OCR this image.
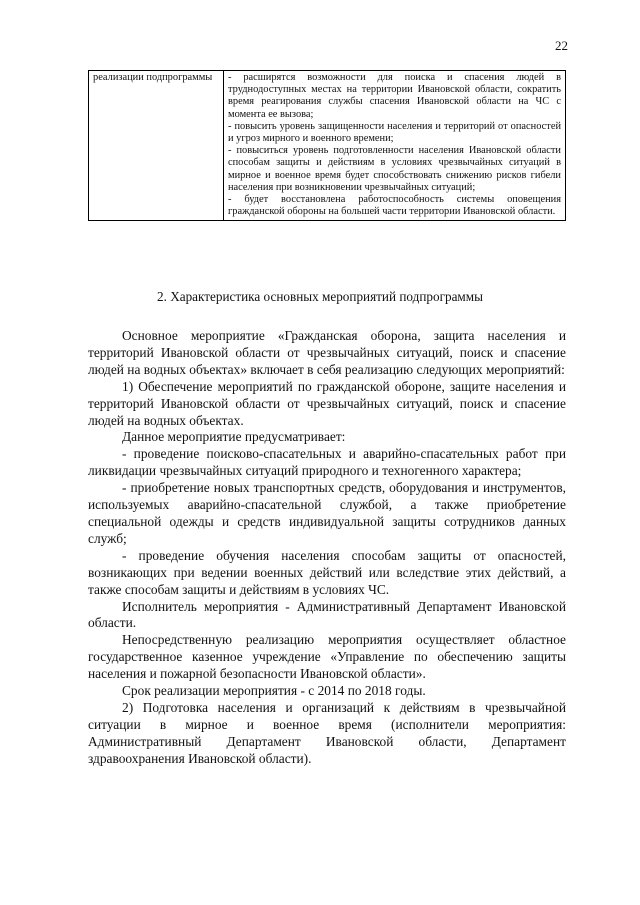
22
реализации подпрограммы	- расширятся возможности для поиска и спасения людей в труднодоступных местах на территории Ивановской области, сократить время реагирования службы спасения Ивановской области на ЧС с момента ее вызова;

- повысить уровень защищенности населения и территорий от опасностей и угроз мирного и военного времени;

- повыситься уровень подготовленности населения Ивановской области способам защиты и действиям в условиях чрезвычайных ситуаций в мирное и военное время будет способствовать снижению рисков гибели населения при возникновении чрезвычайных ситуаций;

- будет восстановлена работоспособность системы оповещения гражданской обороны на большей части территории Ивановской области.

2. Характеристика основных мероприятий подпрограммы

Основное мероприятие «Гражданская оборона, защита населения и территорий Ивановской области от чрезвычайных ситуаций, поиск и спасение людей на водных объектах» включает в себя реализацию следующих мероприятий:

1) Обеспечение мероприятий по гражданской обороне, защите населения и территорий Ивановской области от чрезвычайных ситуаций, поиск и спасение людей на водных объектах.

Данное мероприятие предусматривает:

- проведение поисково-спасательных и аварийно-спасательных работ при ликвидации чрезвычайных ситуаций природного и техногенного характера;

- приобретение новых транспортных средств, оборудования и инструментов, используемых аварийно-спасательной службой, а также приобретение специальной одежды и средств индивидуальной защиты сотрудников данных служб;

- проведение обучения населения способам защиты от опасностей, возникающих при ведении военных действий или вследствие этих действий, а также способам защиты и действиям в условиях ЧС.

Исполнитель мероприятия - Административный Департамент Ивановской области.

Непосредственную реализацию мероприятия осуществляет областное государственное казенное учреждение «Управление по обеспечению защиты населения и пожарной безопасности Ивановской области».

Срок реализации мероприятия - с 2014 по 2018 годы.

2) Подготовка населения и организаций к действиям в чрезвычайной ситуации в мирное и военное время (исполнители мероприятия: Административный Департамент Ивановской области, Департамент здравоохранения Ивановской области).
